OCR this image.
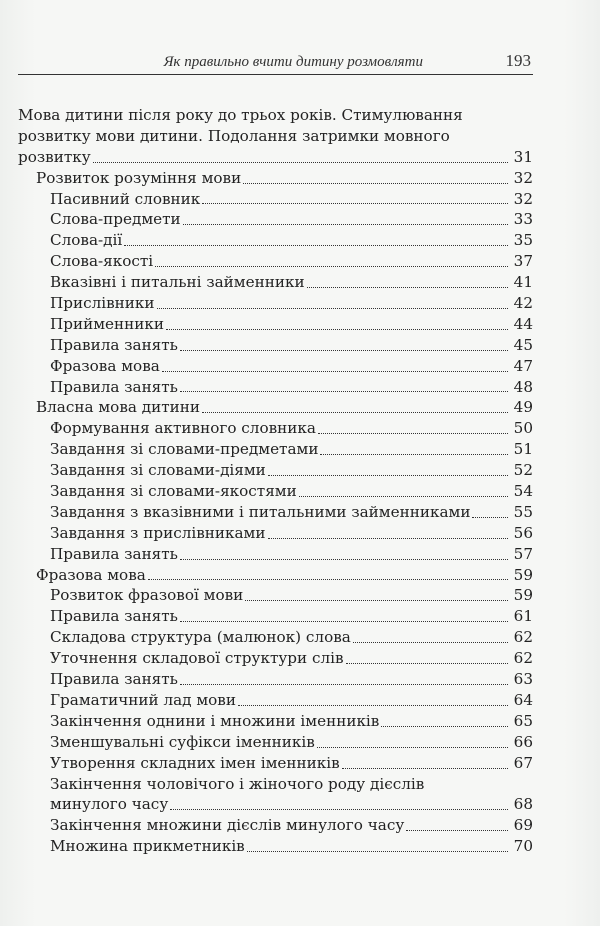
Як правильно вчити дитину розмовляти	193
Мова дитини після року до трьох років. Стимулювання
розвитку мови дитини. Подолання затримки мовного
розвитку	31
Розвиток розуміння мови	32
Пасивний словник	32
Слова-предмети	33
Слова-дії	35
Слова-якості	37
Вказівні і питальні займенники	41
Прислівники	42
Прийменники	44
Правила занять	45
Фразова мова	47
Правила занять	48
Власна мова дитини	49
Формування активного словника	50
Завдання зі словами-предметами	51
Завдання зі словами-діями	52
Завдання зі словами-якостями	54
Завдання з вказівними і питальними займенниками	55
Завдання з прислівниками	56
Правила занять	57
Фразова мова	59
Розвиток фразової мови	59
Правила занять	61
Складова структура (малюнок) слова	62
Уточнення складової структури слів	62
Правила занять	63
Граматичний лад мови	64
Закінчення однини і множини іменників	65
Зменшувальні суфікси іменників	66
Утворення складних імен іменників	67
Закінчення чоловічого і жіночого роду дієслів
минулого часу	68
Закінчення множини дієслів минулого часу	69
Множина прикметників	70
